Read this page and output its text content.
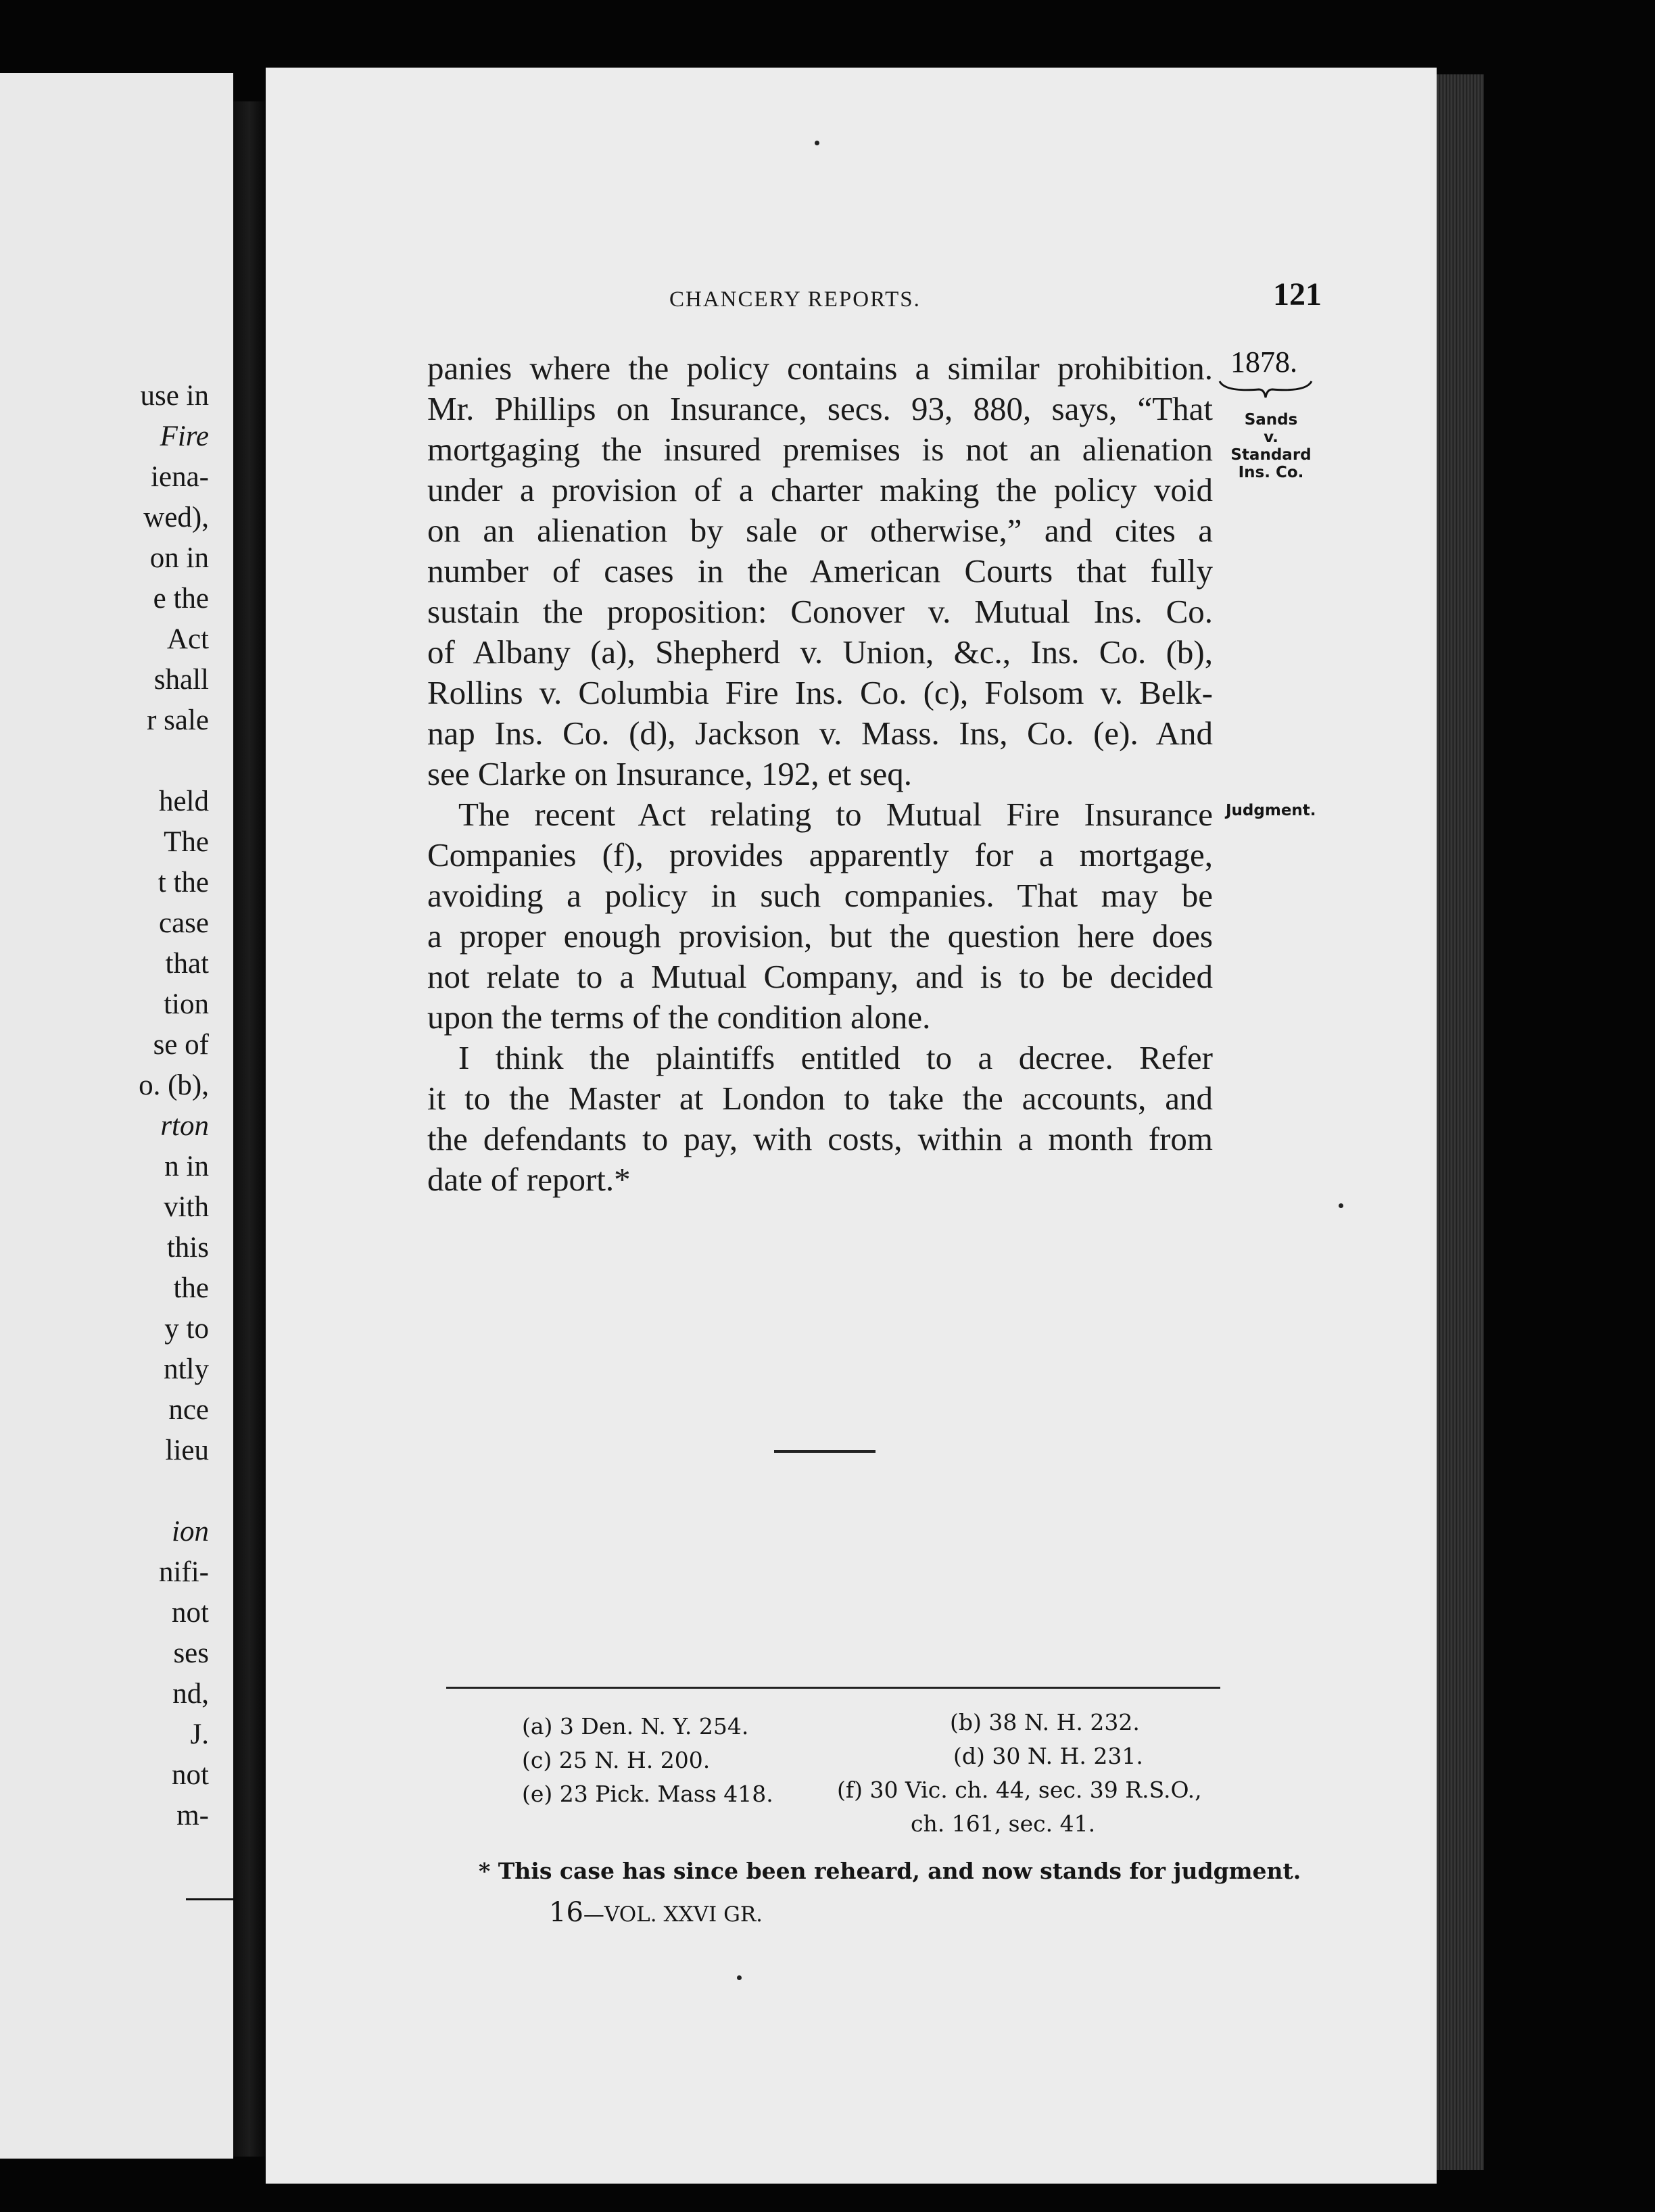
use in
Fire
iena-
wed),
on in
e the
Act
shall
r sale
held
The
t the
case
that
tion
se of
o. (b),
rton
n in
vith
this
the
y to
ntly
nce
lieu
ion
nifi-
not
ses
nd,
J.
not
m-
CHANCERY REPORTS.	121
1878.
Sands
v.
Standard
Ins. Co.
Judgment.
panies where the policy contains a similar prohibition.
Mr. Phillips on Insurance, secs. 93, 880, says, “That
mortgaging the insured premises is not an alienation
under a provision of a charter making the policy void
on an alienation by sale or otherwise,” and cites a
number of cases in the American Courts that fully
sustain the proposition: Conover v. Mutual Ins. Co.
of Albany (a), Shepherd v. Union, &c., Ins. Co. (b),
Rollins v. Columbia Fire Ins. Co. (c), Folsom v. Belk-
nap Ins. Co. (d), Jackson v. Mass. Ins, Co. (e). And
see Clarke on Insurance, 192, et seq.
The recent Act relating to Mutual Fire Insurance
Companies (f), provides apparently for a mortgage,
avoiding a policy in such companies. That may be
a proper enough provision, but the question here does
not relate to a Mutual Company, and is to be decided
upon the terms of the condition alone.
I think the plaintiffs entitled to a decree. Refer
it to the Master at London to take the accounts, and
the defendants to pay, with costs, within a month from
date of report.*
(a) 3 Den. N. Y. 254.	(b) 38 N. H. 232.
(c) 25 N. H. 200.	(d) 30 N. H. 231.
(e) 23 Pick. Mass 418.	(f) 30 Vic. ch. 44, sec. 39 R.S.O.,
ch. 161, sec. 41.
* This case has since been reheard, and now stands for judgment.
16—VOL. XXVI GR.
